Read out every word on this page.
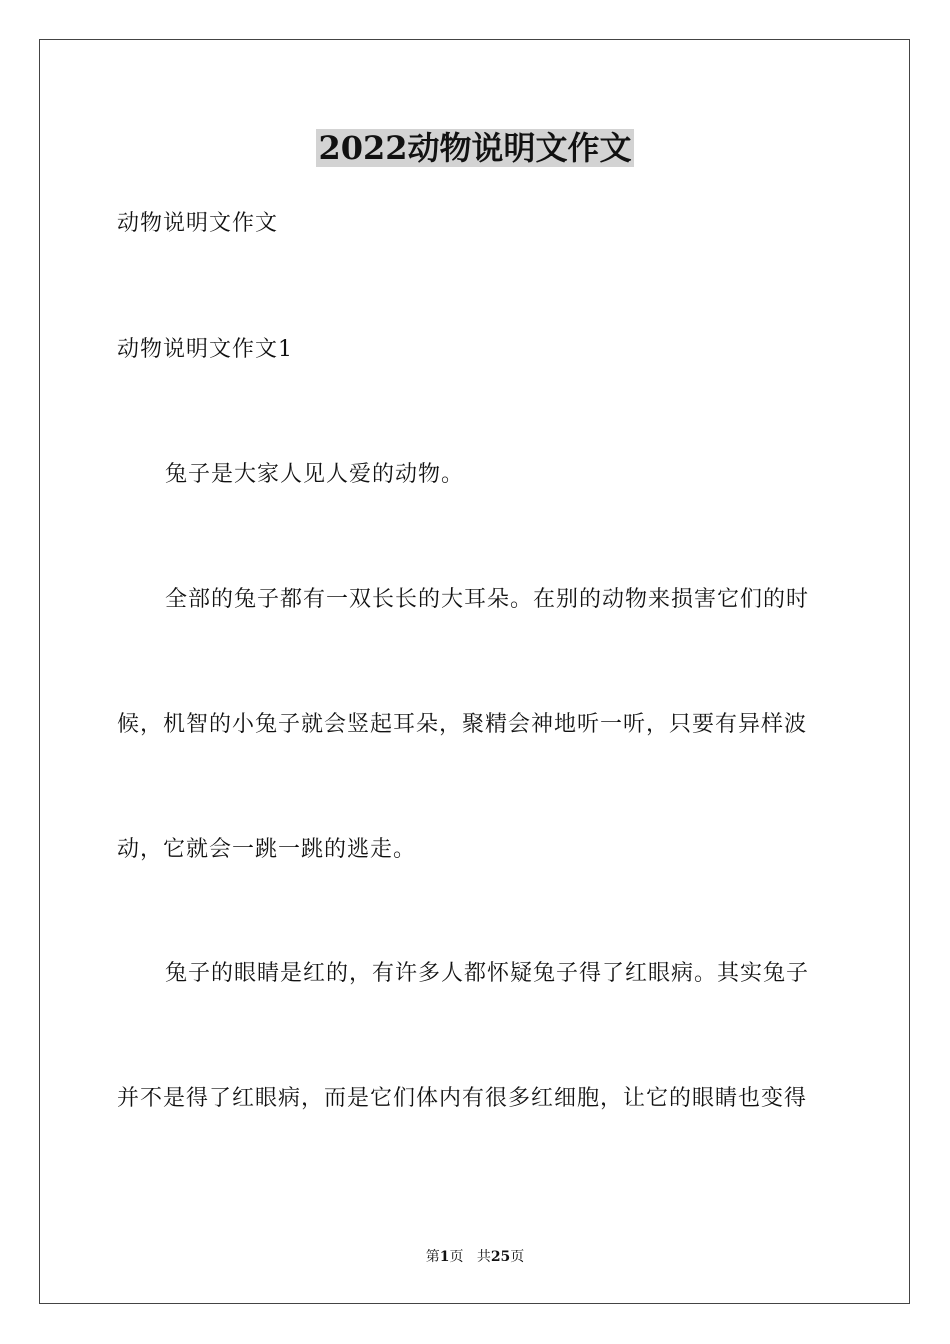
2022动物说明文作文
动物说明文作文
动物说明文作文1
兔子是大家人见人爱的动物。
全部的兔子都有一双长长的大耳朵。在别的动物来损害它们的时
候，机智的小兔子就会竖起耳朵，聚精会神地听一听，只要有异样波
动，它就会一跳一跳的逃走。
兔子的眼睛是红的，有许多人都怀疑兔子得了红眼病。其实兔子
并不是得了红眼病，而是它们体内有很多红细胞，让它的眼睛也变得
第1页 共25页
